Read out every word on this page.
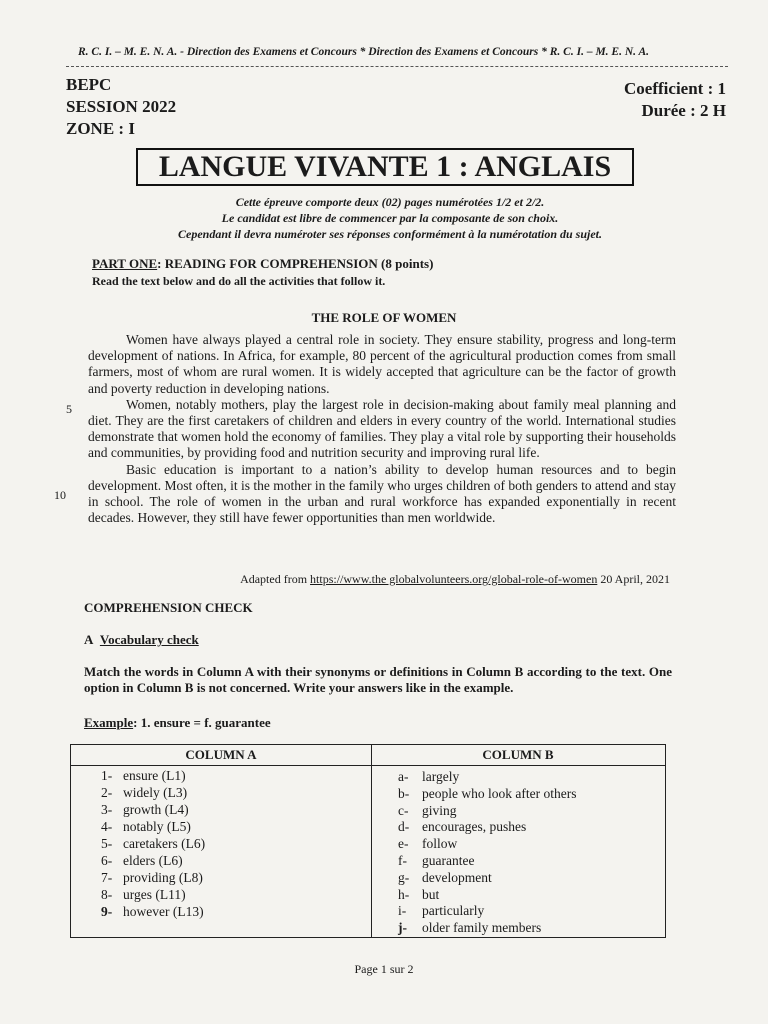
R. C. I. – M. E. N. A. - Direction des Examens et Concours * Direction des Examens et Concours * R. C. I. – M. E. N. A.
BEPC
SESSION 2022
ZONE : I
Coefficient : 1
Durée : 2 H
LANGUE VIVANTE 1 : ANGLAIS
Cette épreuve comporte deux (02) pages numérotées 1/2 et 2/2.
Le candidat est libre de commencer par la composante de son choix.
Cependant il devra numéroter ses réponses conformément à la numérotation du sujet.
PART ONE: READING FOR COMPREHENSION (8 points)
Read the text below and do all the activities that follow it.
THE ROLE OF WOMEN
5
10

Women have always played a central role in society. They ensure stability, progress and long-term development of nations. In Africa, for example, 80 percent of the agricultural production comes from small farmers, most of whom are rural women. It is widely accepted that agriculture can be the factor of growth and poverty reduction in developing nations.

Women, notably mothers, play the largest role in decision-making about family meal planning and diet. They are the first caretakers of children and elders in every country of the world. International studies demonstrate that women hold the economy of families. They play a vital role by supporting their households and communities, by providing food and nutrition security and improving rural life.

Basic education is important to a nation’s ability to develop human resources and to begin development. Most often, it is the mother in the family who urges children of both genders to attend and stay in school. The role of women in the urban and rural workforce has expanded exponentially in recent decades. However, they still have fewer opportunities than men worldwide.

Adapted from https://www.the globalvolunteers.org/global-role-of-women 20 April, 2021
COMPREHENSION CHECK
A Vocabulary check
Match the words in Column A with their synonyms or definitions in Column B according to the text. One option in Column B is not concerned. Write your answers like in the example.
Example: 1. ensure = f. guarantee
COLUMN A
1- ensure (L1)
2- widely (L3)
3- growth (L4)
4- notably (L5)
5- caretakers (L6)
6- elders (L6)
7- providing (L8)
8- urges (L11)
9- however (L13)
COLUMN B
a- largely
b- people who look after others
c- giving
d- encourages, pushes
e- follow
f- guarantee
g- development
h- but
i- particularly
j- older family members
Page 1 sur 2
